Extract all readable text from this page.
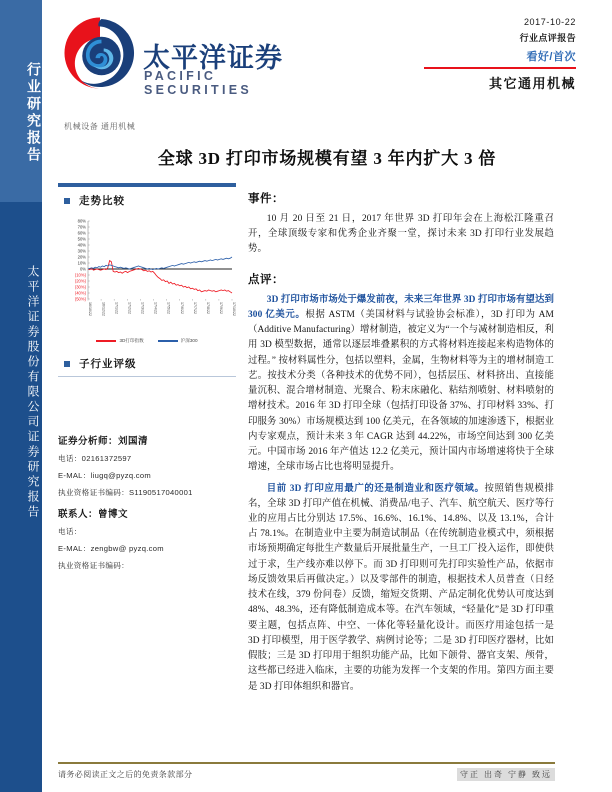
行业研究报告
太平洋证券股份有限公司证券研究报告
太平洋证券
PACIFIC SECURITIES
2017-10-22
行业点评报告
看好/首次
其它通用机械
机械设备 通用机械
全球 3D 打印市场规模有望 3 年内扩大 3 倍
走势比较
80%
70%
60%
50%
40%
30%
20%
10%
0%
(10%)
(20%)
(30%)
(40%)
(50%)
16/10/22	16/12/22	17/1/22	17/2/22	17/3/22	17/4/22	17/5/22	17/6/22	17/7/22	17/8/22	17/9/22	17/10/22
3D打印指数	沪深300
子行业评级
证券分析师：刘国清
电话：02161372597
E-MAL：liugq@pyzq.com
执业资格证书编码：S1190517040001
联系人：曾博文
电话：
E-MAL：zengbw@ pyzq.com
执业资格证书编码：
事件：
10 月 20 日至 21 日，2017 年世界 3D 打印年会在上海松江隆重召开，全球顶级专家和优秀企业齐聚一堂，探讨未来 3D 打印行业发展趋势。
点评：
3D 打印市场市场处于爆发前夜，未来三年世界 3D 打印市场有望达到 300 亿美元。根据 ASTM（美国材料与试验协会标准），3D 打印为 AM（Additive Manufacturing）增材制造，被定义为“一个与减材制造相反，利用 3D 模型数据，通常以逐层堆叠累积的方式将材料连接起来构造物体的过程。” 按材料属性分，包括以塑料，金属，生物材料等为主的增材制造工艺。按技术分类（各种技术的优势不同），包括层压、材料挤出、直接能量沉积、混合增材制造、光聚合、粉末床融化、粘结剂喷射、材料喷射的增材技术。2016 年 3D 打印全球（包括打印设备 37%、打印材料 33%、打印服务 30%）市场规模达到 100 亿美元，在各领域的加速渗透下，根据业内专家观点，预计未来 3 年 CAGR 达到 44.22%，市场空间达到 300 亿美元。中国市场 2016 年产值达 12.2 亿美元，预计国内市场增速将快于全球增速，全球市场占比也将明显提升。
目前 3D 打印应用最广的还是制造业和医疗领域。按照销售规模排名，全球 3D 打印产值在机械、消费品/电子、汽车、航空航天、医疗等行业的应用占比分别达 17.5%、16.6%、16.1%、14.8%、以及 13.1%，合计占 78.1%。在制造业中主要为制造试制品（在传统制造业模式中，须根据市场预期确定每批生产数量后开展批量生产，一旦工厂投入运作，即使供过于求，生产线亦难以停下。而 3D 打印则可先打印实验性产品，依据市场反馈效果后再做决定。）以及零部件的制造，根据技术人员普查（日经技术在线，379 份问卷）反馈，缩短交货期、产品定制化优势认可度达到 48%、48.3%，还有降低制造成本等。在汽车领域，“轻量化”是 3D 打印重要主题，包括点阵、中空、一体化等轻量化设计。而医疗用途包括一是 3D 打印模型，用于医学教学、病例讨论等；二是 3D 打印医疗器材，比如假肢；三是 3D 打印用于组织功能产品，比如下颌骨、器官支架、颅骨，这些都已经进入临床，主要的功能为发挥一个支架的作用。第四方面主要是 3D 打印体组织和器官。
请务必阅读正文之后的免责条款部分	守正 出奇 宁静 致远
